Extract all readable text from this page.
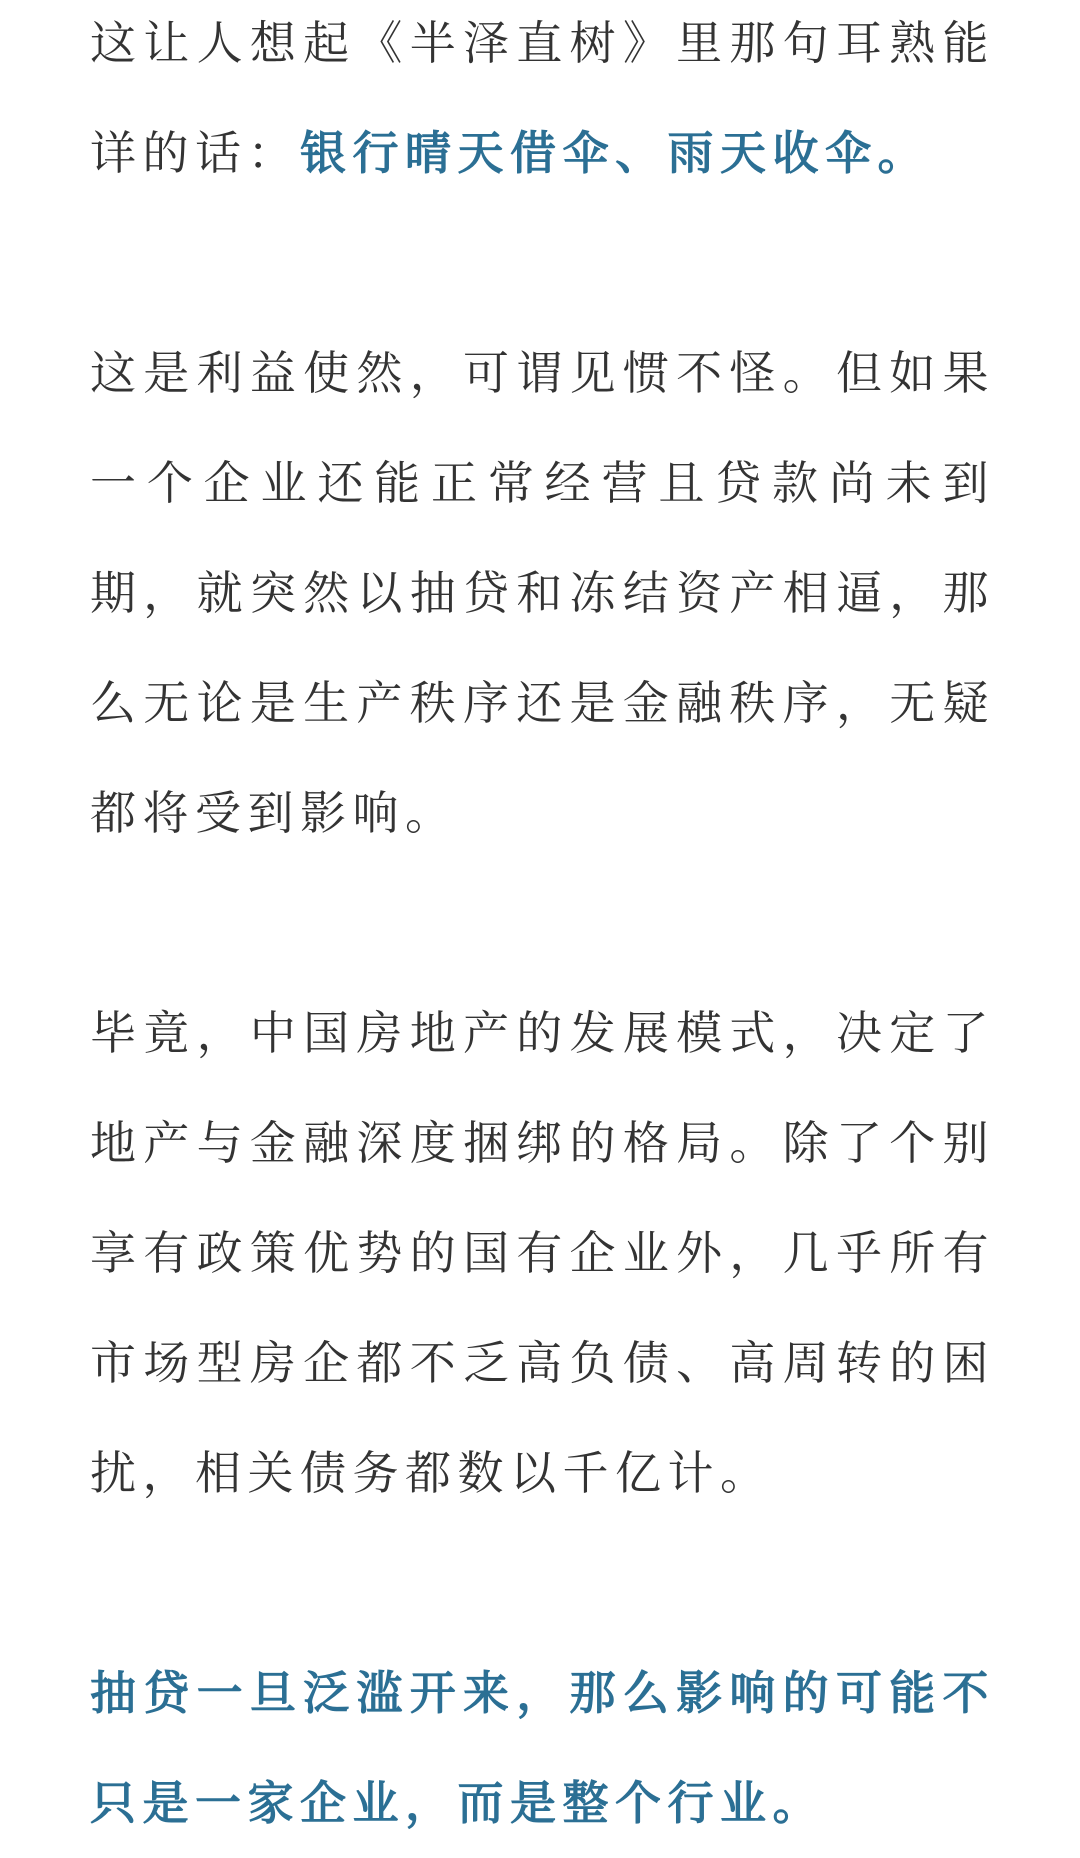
这让人想起《半泽直树》里那句耳熟能详的话：银行晴天借伞、雨天收伞。

这是利益使然，可谓见惯不怪。但如果一个企业还能正常经营且贷款尚未到期，就突然以抽贷和冻结资产相逼，那么无论是生产秩序还是金融秩序，无疑都将受到影响。

毕竟，中国房地产的发展模式，决定了地产与金融深度捆绑的格局。除了个别享有政策优势的国有企业外，几乎所有市场型房企都不乏高负债、高周转的困扰，相关债务都数以千亿计。

抽贷一旦泛滥开来，那么影响的可能不只是一家企业，而是整个行业。
